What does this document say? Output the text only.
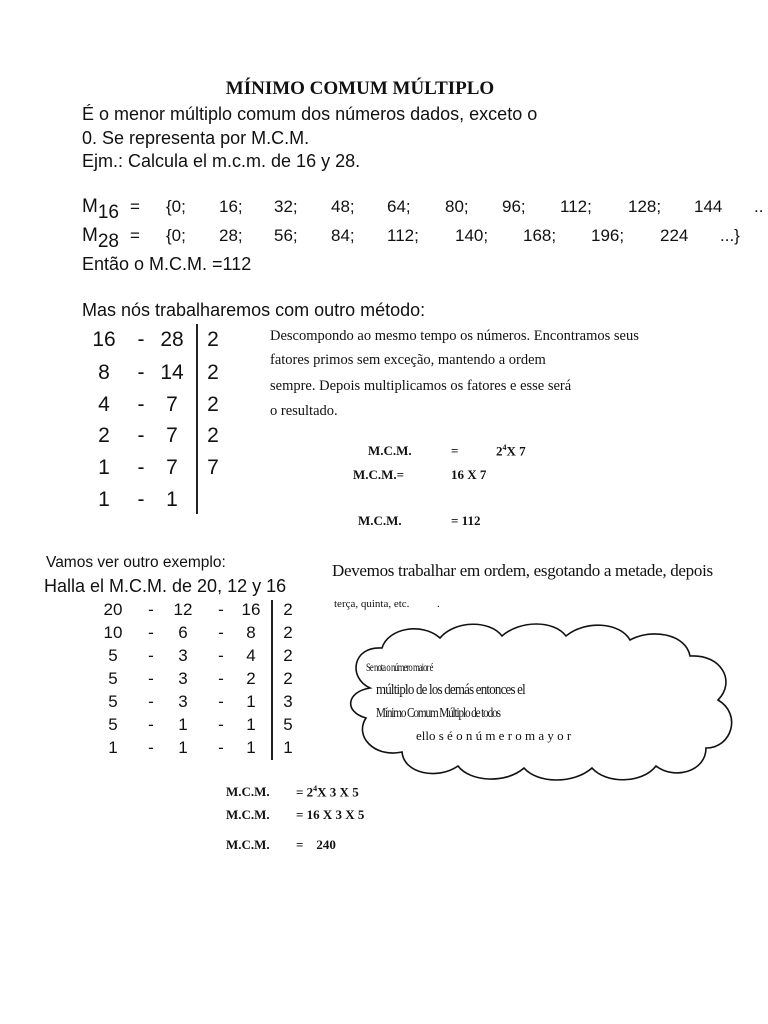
MÍNIMO COMUM MÚLTIPLO
É o menor múltiplo comum dos números dados, exceto o
0. Se representa por M.C.M.
Ejm.: Calcula el m.c.m. de 16 y 28.
$M_{16} = \{0$; 16; 32; 48; 64; 80; 96; 112; 128; 144 ..
$M_{28} = \{0$; 28; 56; 84; 112; 140; 168; 196; 224 ...}
Então o M.C.M. =112
Mas nós trabalharemos com outro método:
16	- 28	2
8	- 14	2
4	-	7	2
2	-	7	2
1	-	7	7
1	-	1
Descompondo ao mesmo tempo os números. Encontramos seus
fatores primos sem exceção, mantendo a ordem
sempre. Depois multiplicamos os fatores e esse será
o resultado.
M.C.M.	=	$2^4X$ 7
M.C.M.=	16 X 7
M.C.M.	= 112
Vamos ver outro exemplo:
Halla el M.C.M. de 20, 12 y 16
Devemos trabalhar em ordem, esgotando a metade, depois
terça, quinta, etc.	.
20	-	12	-	16	2
10	-	6	-	8	2
5	-	3	-	4	2
5	-	3	-	2	2
5	-	3	-	1	3
5	-	1	-	1	5
1	-	1	-	1	1
Se nota o número maior é
múltiplo de los demás entonces el
Mínimo Comum Múltiplo de todos
ello s é o n ú m e r o m a y o r
M.C.M. = $2^4X$ 3 X 5
M.C.M. = 16 X 3 X 5
M.C.M. =    240
